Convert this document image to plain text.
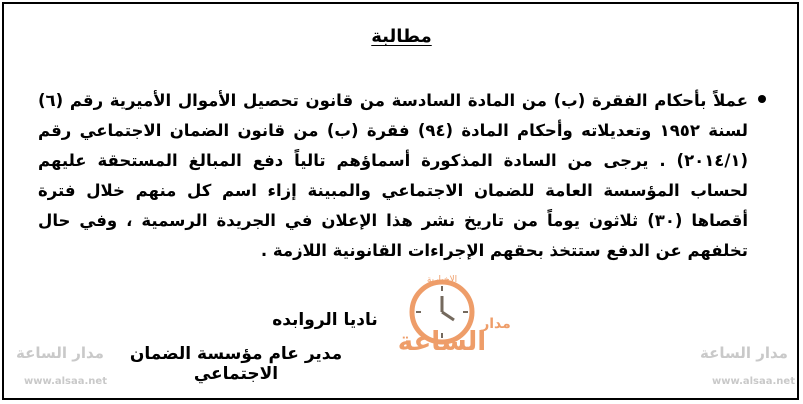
مطالبة
عملاً بأحكام الفقرة (ب) من المادة السادسة من قانون تحصيل الأموال الأميرية رقم (٦) لسنة ١٩٥٢ وتعديلاته وأحكام المادة (٩٤) فقرة (ب) من قانون الضمان الاجتماعي رقم (٢٠١٤/١) . يرجى من السادة المذكورة أسماؤهم تالياً دفع المبالغ المستحقة عليهم لحساب المؤسسة العامة للضمان الاجتماعي والمبينة إزاء اسم كل منهم خلال فترة أقصاها (٣٠) ثلاثون يوماً من تاريخ نشر هذا الإعلان في الجريدة الرسمية ، وفي حال تخلفهم عن الدفع ستتخذ بحقهم الإجراءات القانونية اللازمة .
الاخبارية
الساعة
مدار
ناديا الروابده
مدير عام مؤسسة الضمان الاجتماعي
مدار الساعة
www.alsaa.net
مدار الساعة
www.alsaa.net
